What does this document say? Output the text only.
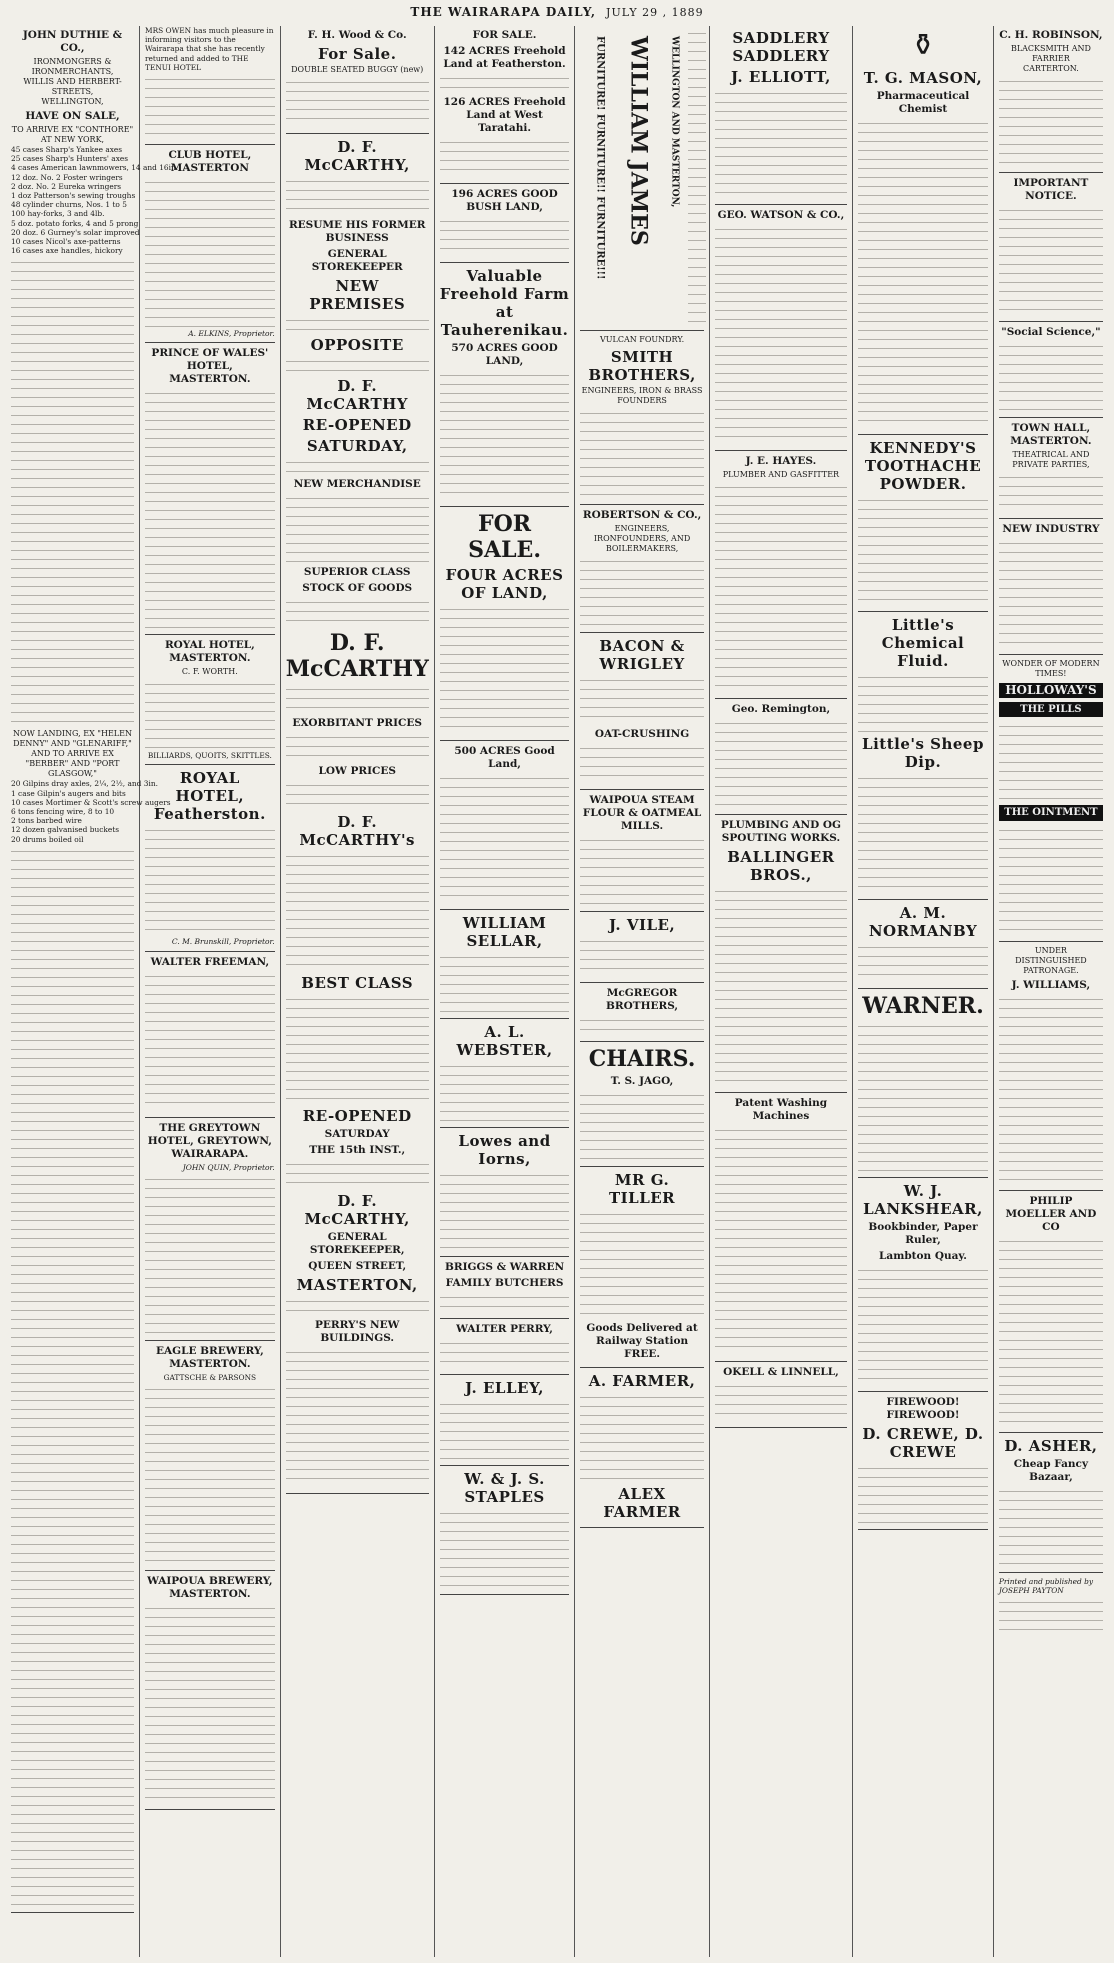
THE WAIRARAPA DAILY, JULY 29 , 1889
JOHN DUTHIE & CO.,
IRONMONGERS & IRONMERCHANTS,
WILLIS AND HERBERT-STREETS,
WELLINGTON,
HAVE ON SALE,
TO ARRIVE EX "CONTHORE" AT NEW YORK,
45 cases Sharp's Yankee axes
25 cases Sharp's Hunters' axes
4 cases American lawnmowers, 14 and 16in.
12 doz. No. 2 Foster wringers
2 doz. No. 2 Eureka wringers
1 doz Patterson's sewing troughs
48 cylinder churns, Nos. 1 to 5
100 hay-forks, 3 and 4lb.
5 doz. potato forks, 4 and 5 prong
20 doz. 6 Gurney's solar improved
10 cases Nicol's axe-patterns
16 cases axe handles, hickory
NOW LANDING, EX "HELEN DENNY" AND "GLENARIFF," AND TO ARRIVE EX "BERBER" AND "PORT GLASGOW,"
20 Gilpins dray axles, 2¼, 2½, and 3in.
1 case Gilpin's augers and bits
10 cases Mortimer & Scott's screw augers
6 tons fencing wire, 8 to 10
2 tons barbed wire
12 dozen galvanised buckets
20 drums boiled oil
MRS OWEN has much pleasure in informing visitors to the Wairarapa that she has recently returned and added to THE TENUI HOTEL
CLUB HOTEL, MASTERTON
A. ELKINS, Proprietor.
PRINCE OF WALES' HOTEL, MASTERTON.
ROYAL HOTEL, MASTERTON.
C. F. WORTH.
BILLIARDS, QUOITS, SKITTLES.
ROYAL HOTEL, Featherston.
C. M. Brunskill, Proprietor.
WALTER FREEMAN,
THE GREYTOWN HOTEL, GREYTOWN, WAIRARAPA.
JOHN QUIN, Proprietor.
EAGLE BREWERY, MASTERTON.
GATTSCHE & PARSONS
WAIPOUA BREWERY, MASTERTON.
F. H. Wood & Co.
For Sale.
DOUBLE SEATED BUGGY (new)
D. F. McCARTHY,
RESUME HIS FORMER BUSINESS
GENERAL STOREKEEPER
NEW PREMISES
OPPOSITE
D. F. McCARTHY
RE-OPENED
SATURDAY,
NEW MERCHANDISE
SUPERIOR CLASS
STOCK OF GOODS
D. F. McCARTHY
EXORBITANT PRICES
LOW PRICES
D. F. McCARTHY's
BEST CLASS
RE-OPENED
SATURDAY
THE 15th INST.,
D. F. McCARTHY,
GENERAL STOREKEEPER,
QUEEN STREET,
MASTERTON,
PERRY'S NEW BUILDINGS.
FOR SALE.
142 ACRES Freehold Land at Featherston.
126 ACRES Freehold Land at West Taratahi.
196 ACRES GOOD BUSH LAND,
Valuable Freehold Farm at Tauherenikau.
570 ACRES GOOD LAND,
FOR SALE.
FOUR ACRES OF LAND,
500 ACRES Good Land,
WILLIAM SELLAR,
A. L. WEBSTER,
Lowes and Iorns,
BRIGGS & WARREN
FAMILY BUTCHERS
WALTER PERRY,
J. ELLEY,
W. & J. S. STAPLES
FURNITURE! FURNITURE!! FURNITURE!!! WILLIAM JAMES WELLINGTON AND MASTERTON,
VULCAN FOUNDRY.
SMITH BROTHERS,
ENGINEERS, IRON & BRASS FOUNDERS
ROBERTSON & CO.,
ENGINEERS, IRONFOUNDERS, AND BOILERMAKERS,
BACON & WRIGLEY
OAT-CRUSHING
WAIPOUA STEAM FLOUR & OATMEAL MILLS.
J. VILE,
McGREGOR BROTHERS,
CHAIRS.
T. S. JAGO,
MR G. TILLER
Goods Delivered at Railway Station FREE.
A. FARMER,
ALEX FARMER
SADDLERY SADDLERY
J. ELLIOTT,
GEO. WATSON & CO.,
J. E. HAYES.
PLUMBER AND GASFITTER
Geo. Remington,
PLUMBING AND OG SPOUTING WORKS.
BALLINGER BROS.,
Patent Washing Machines
OKELL & LINNELL,
⚱
T. G. MASON,
Pharmaceutical Chemist
KENNEDY'S TOOTHACHE POWDER.
Little's Chemical Fluid.
Little's Sheep Dip.
A. M. NORMANBY
WARNER.
W. J. LANKSHEAR,
Bookbinder, Paper Ruler,
Lambton Quay.
FIREWOOD! FIREWOOD!
D. CREWE, D. CREWE
C. H. ROBINSON,
BLACKSMITH AND FARRIER
CARTERTON.
IMPORTANT NOTICE.
"Social Science,"
TOWN HALL, MASTERTON.
THEATRICAL AND PRIVATE PARTIES,
NEW INDUSTRY
WONDER OF MODERN TIMES!
HOLLOWAY'S
THE PILLS
THE OINTMENT
UNDER DISTINGUISHED PATRONAGE.
J. WILLIAMS,
PHILIP MOELLER AND CO
D. ASHER,
Cheap Fancy Bazaar,
Printed and published by JOSEPH PAYTON
